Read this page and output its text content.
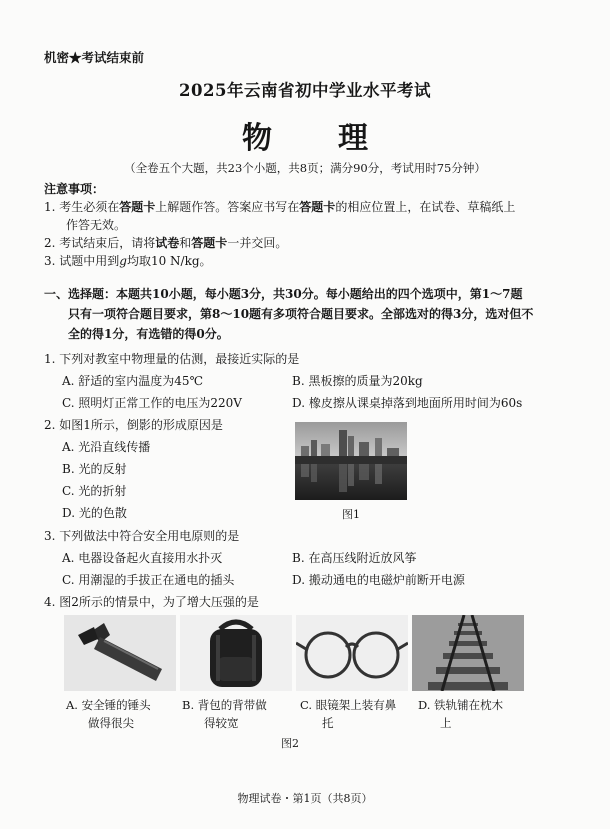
机密★考试结束前
2025年云南省初中学业水平考试
物　理
（全卷五个大题，共23个小题，共8页；满分90分，考试用时75分钟）
注意事项：
1. 考生必须在答题卡上解题作答。答案应书写在答题卡的相应位置上，在试卷、草稿纸上
作答无效。
2. 考试结束后，请将试卷和答题卡一并交回。
3. 试题中用到g均取10 N/kg。
一、选择题：本题共10小题，每小题3分，共30分。每小题给出的四个选项中，第1～7题
只有一项符合题目要求，第8～10题有多项符合题目要求。全部选对的得3分，选对但不
全的得1分，有选错的得0分。
1. 下列对教室中物理量的估测，最接近实际的是
A. 舒适的室内温度为45℃	B. 黑板擦的质量为20kg
C. 照明灯正常工作的电压为220V	D. 橡皮擦从课桌掉落到地面所用时间为60s
2. 如图1所示，倒影的形成原因是
A. 光沿直线传播
B. 光的反射
C. 光的折射
D. 光的色散	图1
3. 下列做法中符合安全用电原则的是
A. 电器设备起火直接用水扑灭	B. 在高压线附近放风筝
C. 用潮湿的手拔正在通电的插头	D. 搬动通电的电磁炉前断开电源
4. 图2所示的情景中，为了增大压强的是
A. 安全锤的锤头
做得很尖
B. 背包的背带做
得较宽
C. 眼镜架上装有鼻
托
D. 铁轨铺在枕木
上
图2
物理试卷・第1页（共8页）
